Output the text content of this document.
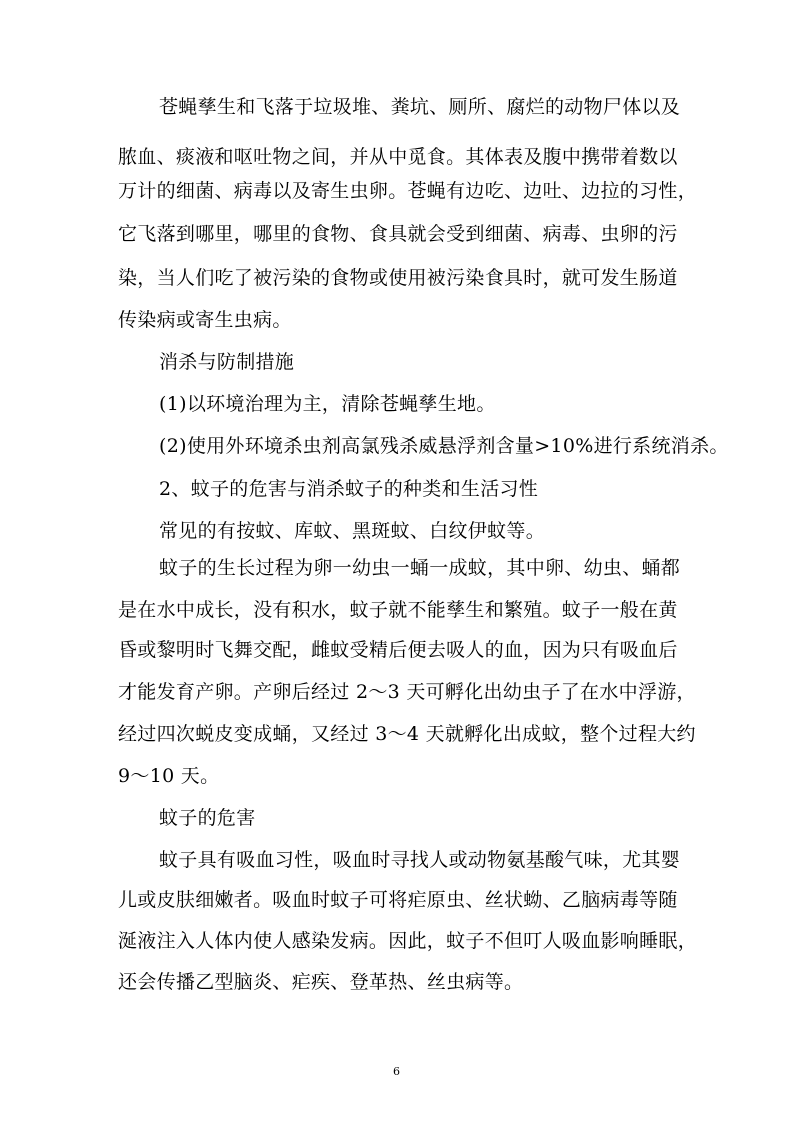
苍蝇孳生和飞落于垃圾堆、粪坑、厕所、腐烂的动物尸体以及
脓血、痰液和呕吐物之间，并从中觅食。其体表及腹中携带着数以
万计的细菌、病毒以及寄生虫卵。苍蝇有边吃、边吐、边拉的习性，
它飞落到哪里，哪里的食物、食具就会受到细菌、病毒、虫卵的污
染，当人们吃了被污染的食物或使用被污染食具时，就可发生肠道
传染病或寄生虫病。
消杀与防制措施
(1)以环境治理为主，清除苍蝇孳生地。
(2)使用外环境杀虫剂高氯残杀威悬浮剂含量>10%进行系统消杀。
2、蚊子的危害与消杀蚊子的种类和生活习性
常见的有按蚊、库蚊、黑斑蚊、白纹伊蚊等。
蚊子的生长过程为卵一幼虫一蛹一成蚊，其中卵、幼虫、蛹都
是在水中成长，没有积水，蚊子就不能孳生和繁殖。蚊子一般在黄
昏或黎明时飞舞交配，雌蚊受精后便去吸人的血，因为只有吸血后
才能发育产卵。产卵后经过 2～3 天可孵化出幼虫子了在水中浮游，
经过四次蜕皮变成蛹，又经过 3～4 天就孵化出成蚊，整个过程大约
9～10 天。
蚊子的危害
蚊子具有吸血习性，吸血时寻找人或动物氨基酸气味，尤其婴
儿或皮肤细嫩者。吸血时蚊子可将疟原虫、丝状蚴、乙脑病毒等随
涎液注入人体内使人感染发病。因此，蚊子不但叮人吸血影响睡眠，
还会传播乙型脑炎、疟疾、登革热、丝虫病等。
6
